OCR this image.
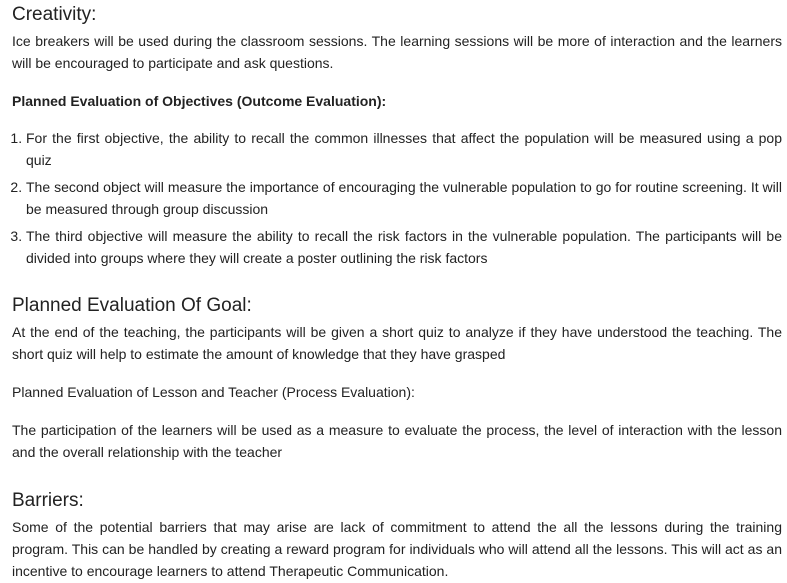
Creativity:

Ice breakers will be used during the classroom sessions. The learning sessions will be more of interaction and the learners will be encouraged to participate and ask questions.

Planned Evaluation of Objectives (Outcome Evaluation):

1. For the first objective, the ability to recall the common illnesses that affect the population will be measured using a pop quiz
2. The second object will measure the importance of encouraging the vulnerable population to go for routine screening. It will be measured through group discussion
3. The third objective will measure the ability to recall the risk factors in the vulnerable population. The participants will be divided into groups where they will create a poster outlining the risk factors
Planned Evaluation Of Goal:

At the end of the teaching, the participants will be given a short quiz to analyze if they have understood the teaching. The short quiz will help to estimate the amount of knowledge that they have grasped

Planned Evaluation of Lesson and Teacher (Process Evaluation):

The participation of the learners will be used as a measure to evaluate the process, the level of interaction with the lesson and the overall relationship with the teacher

Barriers:

Some of the potential barriers that may arise are lack of commitment to attend the all the lessons during the training program. This can be handled by creating a reward program for individuals who will attend all the lessons. This will act as an incentive to encourage learners to attend Therapeutic Communication.
